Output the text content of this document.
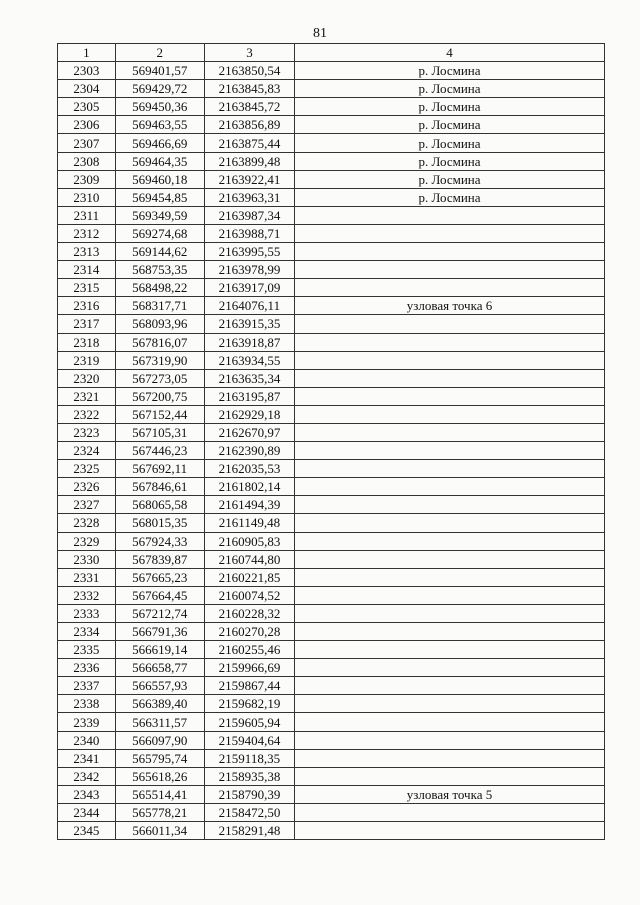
81
1	2	3	4
2303	569401,57	2163850,54	р. Лосмина
2304	569429,72	2163845,83	р. Лосмина
2305	569450,36	2163845,72	р. Лосмина
2306	569463,55	2163856,89	р. Лосмина
2307	569466,69	2163875,44	р. Лосмина
2308	569464,35	2163899,48	р. Лосмина
2309	569460,18	2163922,41	р. Лосмина
2310	569454,85	2163963,31	р. Лосмина
2311	569349,59	2163987,34	
2312	569274,68	2163988,71	
2313	569144,62	2163995,55	
2314	568753,35	2163978,99	
2315	568498,22	2163917,09	
2316	568317,71	2164076,11	узловая точка 6
2317	568093,96	2163915,35	
2318	567816,07	2163918,87	
2319	567319,90	2163934,55	
2320	567273,05	2163635,34	
2321	567200,75	2163195,87	
2322	567152,44	2162929,18	
2323	567105,31	2162670,97	
2324	567446,23	2162390,89	
2325	567692,11	2162035,53	
2326	567846,61	2161802,14	
2327	568065,58	2161494,39	
2328	568015,35	2161149,48	
2329	567924,33	2160905,83	
2330	567839,87	2160744,80	
2331	567665,23	2160221,85	
2332	567664,45	2160074,52	
2333	567212,74	2160228,32	
2334	566791,36	2160270,28	
2335	566619,14	2160255,46	
2336	566658,77	2159966,69	
2337	566557,93	2159867,44	
2338	566389,40	2159682,19	
2339	566311,57	2159605,94	
2340	566097,90	2159404,64	
2341	565795,74	2159118,35	
2342	565618,26	2158935,38	
2343	565514,41	2158790,39	узловая точка 5
2344	565778,21	2158472,50	
2345	566011,34	2158291,48	
